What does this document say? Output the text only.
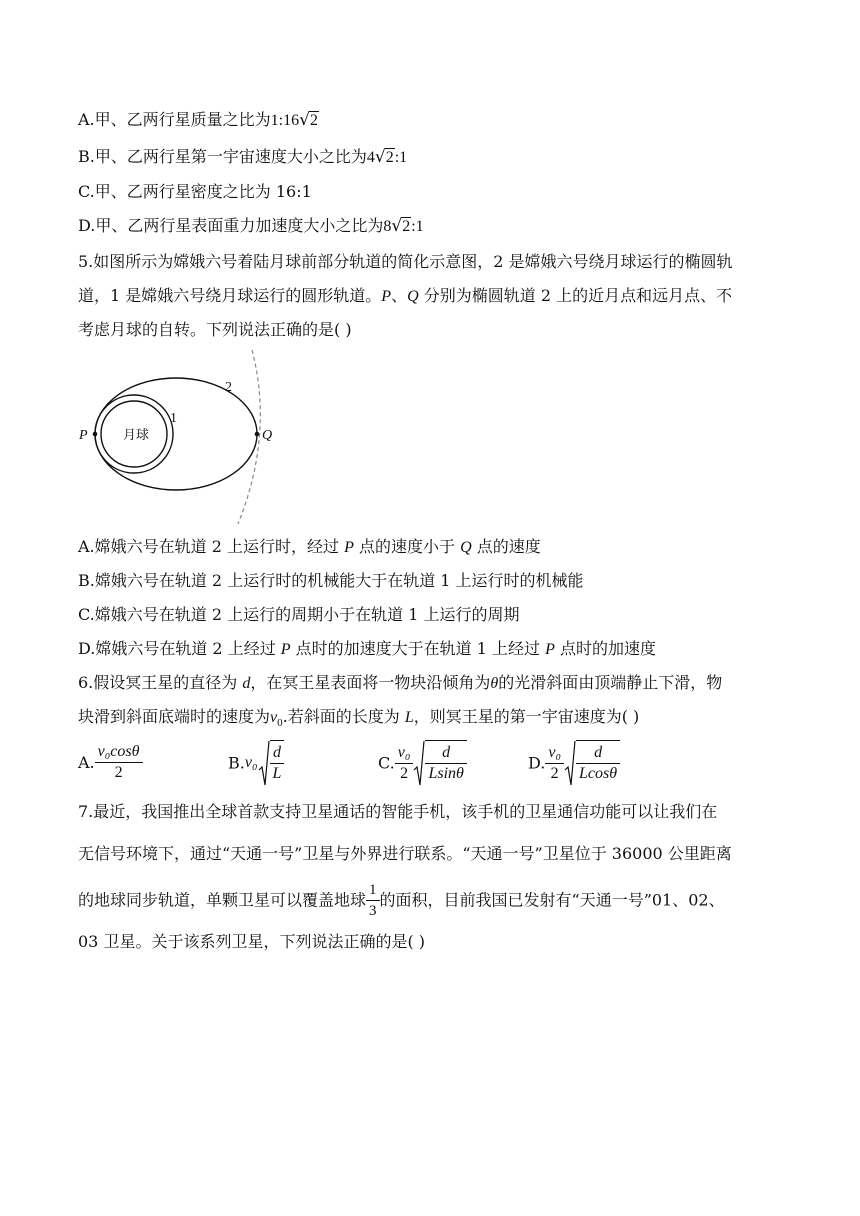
A.甲、乙两行星质量之比为1:16√2
B.甲、乙两行星第一宇宙速度大小之比为4√2:1
C.甲、乙两行星密度之比为 16:1
D.甲、乙两行星表面重力加速度大小之比为8√2:1
5.如图所示为嫦娥六号着陆月球前部分轨道的简化示意图，2 是嫦娥六号绕月球运行的椭圆轨
道，1 是嫦娥六号绕月球运行的圆形轨道。P、Q 分别为椭圆轨道 2 上的近月点和远月点、不
考虑月球的自转。下列说法正确的是( )
月球
1
2
P	Q
A.嫦娥六号在轨道 2 上运行时，经过 P 点的速度小于 Q 点的速度
B.嫦娥六号在轨道 2 上运行时的机械能大于在轨道 1 上运行时的机械能
C.嫦娥六号在轨道 2 上运行的周期小于在轨道 1 上运行的周期
D.嫦娥六号在轨道 2 上经过 P 点时的加速度大于在轨道 1 上经过 P 点时的加速度
6.假设冥王星的直径为 d，在冥王星表面将一物块沿倾角为θ的光滑斜面由顶端静止下滑，物
块滑到斜面底端时的速度为$v_0$.若斜面的长度为 L，则冥王星的第一宇宙速度为( )
A. $\frac{\text{v₀cosθ}}{2}$	$B.v_0 \frac{d}{L}$	C. $\frac{\text{v₀}}{2} \frac{d}{Lsin\theta}$	D. $\frac{\text{v₀}}{2} \frac{d}{Lcos\theta}$
7.最近，我国推出全球首款支持卫星通话的智能手机，该手机的卫星通信功能可以让我们在
无信号环境下，通过“天通一号”卫星与外界进行联系。“天通一号”卫星位于 36000 公里距离
的地球同步轨道，单颗卫星可以覆盖地球 $\frac{1}{3}$ 的面积，目前我国已发射有“天通一号”01、02、
03 卫星。关于该系列卫星，下列说法正确的是( )
